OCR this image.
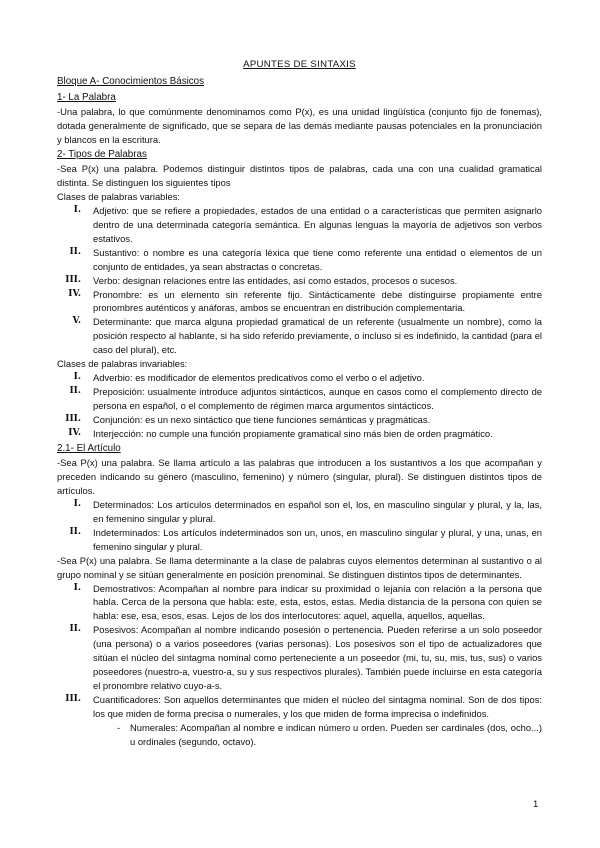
APUNTES DE SINTAXIS
Bloque A- Conocimientos Básicos
1- La Palabra
-Una palabra, lo que comúnmente denominamos como P(x), es una unidad lingüística (conjunto fijo de fonemas), dotada generalmente de significado, que se separa de las demás mediante pausas potenciales en la pronunciación y blancos en la escritura.
2- Tipos de Palabras
-Sea P(x) una palabra. Podemos distinguir distintos tipos de palabras, cada una con una cualidad gramatical distinta. Se distinguen los siguientes tipos
Clases de palabras variables:
I. Adjetivo: que se refiere a propiedades, estados de una entidad o a características que permiten asignarlo dentro de una determinada categoría semántica. En algunas lenguas la mayoría de adjetivos son verbos estativos.
II. Sustantivo: o nombre es una categoría léxica que tiene como referente una entidad o elementos de un conjunto de entidades, ya sean abstractas o concretas.
III. Verbo: designan relaciones entre las entidades, así como estados, procesos o sucesos.
IV. Pronombre: es un elemento sin referente fijo. Sintácticamente debe distinguirse propiamente entre pronombres auténticos y anáforas, ambos se encuentran en distribución complementaria.
V. Determinante: que marca alguna propiedad gramatical de un referente (usualmente un nombre), como la posición respecto al hablante, si ha sido referido previamente, o incluso si es indefinido, la cantidad (para el caso del plural), etc.
Clases de palabras invariables:
I. Adverbio: es modificador de elementos predicativos como el verbo o el adjetivo.
II. Preposición: usualmente introduce adjuntos sintácticos, aunque en casos como el complemento directo de persona en español, o el complemento de régimen marca argumentos sintácticos.
III. Conjunción: es un nexo sintáctico que tiene funciones semánticas y pragmáticas.
IV. Interjección: no cumple una función propiamente gramatical sino más bien de orden pragmático.
2.1- El Artículo
-Sea P(x) una palabra. Se llama artículo a las palabras que introducen a los sustantivos a los que acompañan y preceden indicando su género (masculino, femenino) y número (singular, plural). Se distinguen distintos tipos de artículos.
I. Determinados: Los artículos determinados en español son el, los, en masculino singular y plural, y la, las, en femenino singular y plural.
II. Indeterminados: Los artículos indeterminados son un, unos, en masculino singular y plural, y una, unas, en femenino singular y plural.
-Sea P(x) una palabra. Se llama determinante a la clase de palabras cuyos elementos determinan al sustantivo o al grupo nominal y se sitúan generalmente en posición prenominal. Se distinguen distintos tipos de determinantes.
I. Demostrativos: Acompañan al nombre para indicar su proximidad o lejanía con relación a la persona que habla. Cerca de la persona que habla: este, esta, estos, estas. Media distancia de la persona con quien se habla: ese, esa, esos, esas. Lejos de los dos interlocutores: aquel, aquella, aquellos, aquellas.
II. Posesivos: Acompañan al nombre indicando posesión o pertenencia. Pueden referirse a un solo poseedor (una persona) o a varios poseedores (varias personas). Los posesivos son el tipo de actualizadores que sitúan el núcleo del sintagma nominal como perteneciente a un poseedor (mi, tu, su, mis, tus, sus) o varios poseedores (nuestro-a, vuestro-a, su y sus respectivos plurales). También puede incluirse en esta categoría el pronombre relativo cuyo-a-s.
III. Cuantificadores: Son aquellos determinantes que miden el núcleo del sintagma nominal. Son de dos tipos: los que miden de forma precisa o numerales, y los que miden de forma imprecisa o indefinidos.
- Numerales: Acompañan al nombre e indican número u orden. Pueden ser cardinales (dos, ocho...) u ordinales (segundo, octavo).
1
